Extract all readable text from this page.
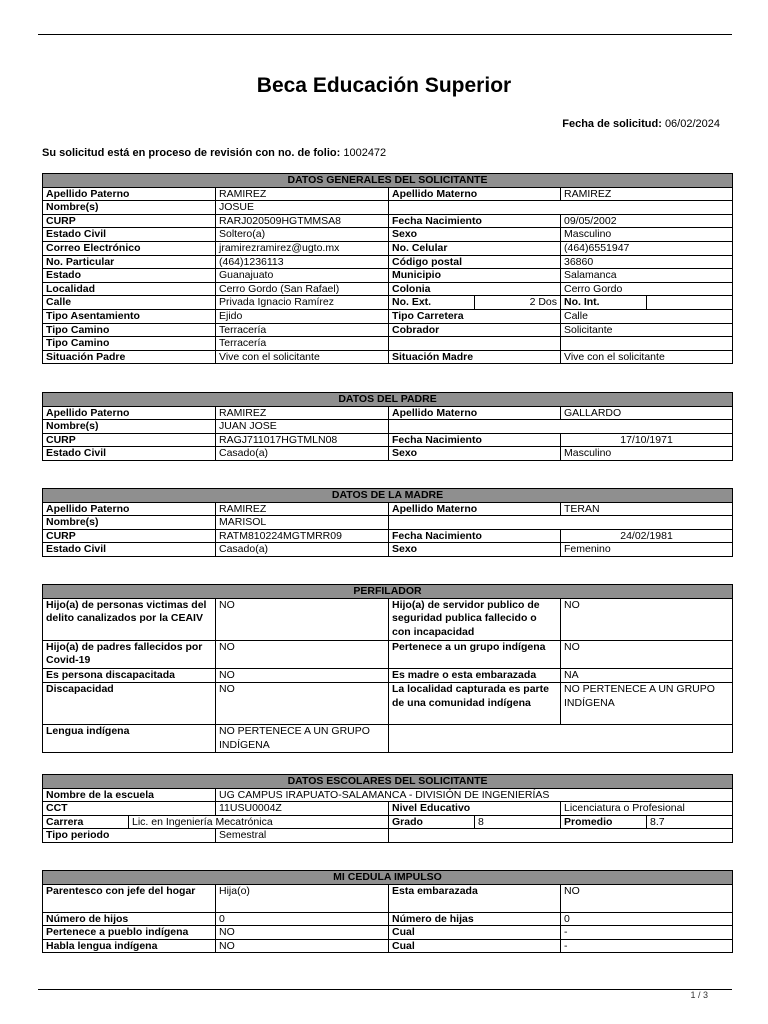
Beca Educación Superior
Fecha de solicitud: 06/02/2024
Su solicitud está en proceso de revisión con no. de folio: 1002472
DATOS GENERALES DEL SOLICITANTE					
Apellido Paterno	RAMIREZ	Apellido Materno		RAMIREZ	
Nombre(s)	JOSUE				
CURP	RARJ020509HGTMMSA8	Fecha Nacimiento		09/05/2002	
Estado Civil	Soltero(a)	Sexo		Masculino	
Correo Electrónico	jramirezramirez@ugto.mx	No. Celular		(464)6551947	
No. Particular	(464)1236113	Código postal		36860	
Estado	Guanajuato	Municipio		Salamanca	
Localidad	Cerro Gordo (San Rafael)	Colonia		Cerro Gordo	
Calle	Privada Ignacio Ramírez	No. Ext.	2 Dos	No. Int.	
Tipo Asentamiento	Ejido	Tipo Carretera		Calle	
Tipo Camino	Terracería	Cobrador		Solicitante	
Tipo Camino	Terracería				
Situación Padre	Vive con el solicitante	Situación Madre		Vive con el solicitante	
DATOS DEL PADRE			
Apellido Paterno	RAMIREZ	Apellido Materno	GALLARDO
Nombre(s)	JUAN JOSE		
CURP	RAGJ711017HGTMLN08	Fecha Nacimiento	17/10/1971
Estado Civil	Casado(a)	Sexo	Masculino
DATOS DE LA MADRE			
Apellido Paterno	RAMIREZ	Apellido Materno	TERAN
Nombre(s)	MARISOL		
CURP	RATM810224MGTMRR09	Fecha Nacimiento	24/02/1981
Estado Civil	Casado(a)	Sexo	Femenino
PERFILADOR			
Hijo(a) de personas victimas del delito canalizados por la CEAIV	NO	Hijo(a) de servidor publico de seguridad publica fallecido o con incapacidad	NO
Hijo(a) de padres fallecidos por Covid-19	NO	Pertenece a un grupo indígena	NO
Es persona discapacitada	NO	Es madre o esta embarazada	NA
Discapacidad	NO	La localidad capturada es parte de una comunidad indígena	NO PERTENECE A UN GRUPO INDÍGENA
Lengua indígena	NO PERTENECE A UN GRUPO INDÍGENA		
DATOS ESCOLARES DEL SOLICITANTE						
Nombre de la escuela		UG CAMPUS IRAPUATO-SALAMANCA - DIVISIÓN DE INGENIERÍAS				
CCT		11USU0004Z	Nivel Educativo		Licenciatura o Profesional	
Carrera	Lic. en Ingeniería Mecatrónica		Grado	8	Promedio	8.7
Tipo periodo		Semestral				
MI CEDULA IMPULSO			
Parentesco con jefe del hogar	Hija(o)	Esta embarazada	NO
Número de hijos	0	Número de hijas	0
Pertenece a pueblo indígena	NO	Cual	-
Habla lengua indígena	NO	Cual	-
1 / 3
